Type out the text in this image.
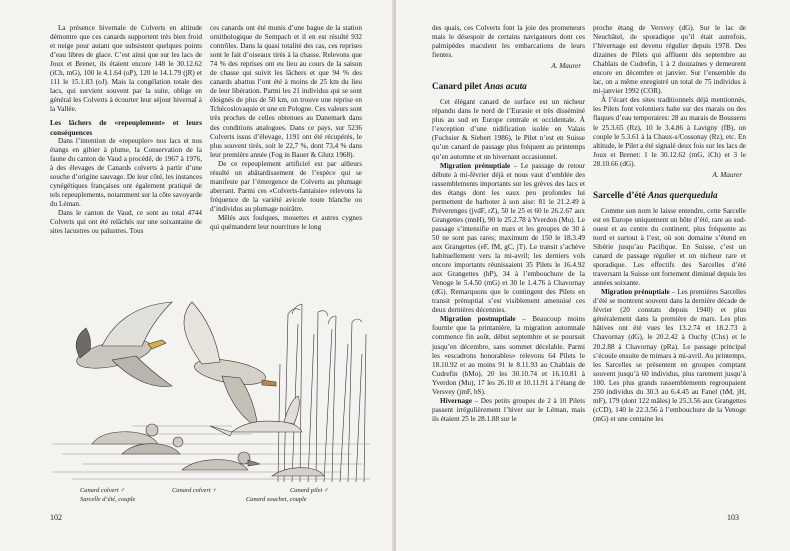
La présence hivernale de Colverts en altitude démontre que ces canards supportent très bien froid et neige pour autant que subsistent quelques points d’eau libres de glace. C’est ainsi que sur les lacs de Joux et Brenet, ils étaient encore 148 le 30.12.62 (iCh, mG), 100 le 4.1.64 (oP), 120 le 14.1.79 (jR) et 111 le 15.1.83 (oJ). Mais la congélation totale des lacs, qui survient souvent par la suite, oblige en général les Colverts à écourter leur séjour hivernal à la Vallée.

Les lâchers de «repeuplement» et leurs conséquences

Dans l’intention de «repeupler» nos lacs et nos étangs en gibier à plume, la Conservation de la faune du canton de Vaud a procédé, de 1967 à 1976, à des élevages de Canards colverts à partir d’une souche d’origine sauvage. De leur côté, les instances cynégétiques françaises ont également pratiqué de tels repeuplements, notamment sur la côte savoyarde du Léman.

Dans le canton de Vaud, ce sont au total 4744 Colverts qui ont été relâchés sur une soixantaine de sites lacustres ou palustres. Tous

ces canards ont été munis d’une bague de la station ornithologique de Sempach et il en est résulté 932 contrôles. Dans la quasi totalité des cas, ces reprises sont le fait d’oiseaux tirés à la chasse. Relevons que 74 % des reprises ont eu lieu au cours de la saison de chasse qui suivit les lâchers et que 94 % des canards abattus l’ont été à moins de 25 km du lieu de leur libération. Parmi les 21 individus qui se sont éloignés de plus de 50 km, on trouve une reprise en Tchécoslovaquie et une en Pologne. Ces valeurs sont très proches de celles obtenues au Danemark dans des conditions analogues. Dans ce pays, sur 5236 Colverts issus d’élevage, 1191 ont été récupérés, le plus souvent tirés, soit le 22,7 %, dont 73,4 % dans leur première année (Fog in Bauer & Glutz 1968).

De ce repeuplement artificiel est par ailleurs résulté un abâtardissement de l’espèce qui se manifeste par l’émergence de Colverts au plumage aberrant. Parmi ces «Colverts-fantaisie» relevons la fréquence de la variété avicole toute blanche ou d’individus au plumage noirâtre.

Mêlés aux foulques, mouettes et autres cygnes qui quémandent leur nourriture le long

Canard colvert ♂	Canard colvert ♀	Canard pilet ♂
Sarcelle d’été, couple	Canard souchet, couple
102

des quais, ces Colverts font la joie des promeneurs mais le désespoir de certains navigateurs dont ces palmipèdes maculent les embarcations de leurs fientes.

A. Maurer
Canard pilet Anas acuta

Cet élégant canard de surface est un nicheur répandu dans le nord de l’Eurasie et très disséminé plus au sud en Europe centrale et occidentale. À l’exception d’une nidification isolée en Valais (Fuchsier & Siebert 1986), le Pilet n’est en Suisse qu’un canard de passage plus fréquent au printemps qu’en automne et un hivernant occasionnel.

Migration prénuptiale – Le passage de retour débute à mi-février déjà et nous vaut d’emblée des rassemblements importants sur les grèves des lacs et des étangs dont les eaux peu profondes lui permettent de barboter à son aise: 81 le 21.2.49 à Préverenges (jvdF, rZ), 50 le 25 et 60 le 26.2.67 aux Grangettes (mnH), 90 le 25.2.78 à Yverdon (Mu). Le passage s’intensifie en mars et les groupes de 30 à 50 ne sont pas rares; maximum de 150 le 18.3.49 aux Grangettes (eF, fM, gC, jT). Le transit s’achève habituellement vers la mi-avril; les derniers vols encore importants réunissaient 35 Pilets le 16.4.92 aux Grangettes (bP), 34 à l’embouchure de la Venoge le 5.4.50 (mG) et 30 le 1.4.76 à Chavornay (dG). Remarquons que le contingent des Pilets en transit prénuptial s’est visiblement amenuisé ces deux dernières décennies.

Migration postnuptiale – Beaucoup moins fournie que la printanière, la migration automnale commence fin août, début septembre et se poursuit jusqu’en décembre, sans sommet décelable. Parmi les «escadrons honorables» relevons 64 Pilets le 18.10.92 et au moins 91 le 8.11.93 au Chablais de Cudrefin (bMo), 20 les 30.10.74 et 16.10.81 à Yverdon (Mu), 17 les 26.10 et 10.11.91 à l’étang de Versvey (jmF, bS).

Hivernage – Des petits groupes de 2 à 10 Pilets passent irrégulièrement l’hiver sur le Léman, mais ils étaient 25 le 28.1.88 sur le

proche étang de Versvey (dG). Sur le lac de Neuchâtel, de sporadique qu’il était autrefois, l’hivernage est devenu régulier depuis 1978. Des dizaines de Pilets qui affluent dès septembre au Chablais de Cudrefin, 1 à 2 douzaines y demeurent encore en décembre et janvier. Sur l’ensemble du lac, on a même enregistré un total de 75 individus à mi-janvier 1992 (COR).

À l’écart des sites traditionnels déjà mentionnés, les Pilets font volontiers halte sur des marais ou des flaques d’eau temporaires: 28 au marais de Boussens le 25.3.65 (Rz), 10 le 3.4.86 à Lavigny (fB), un couple le 5.3.61 à la Chaux-s/Cossonay (Rz), etc. En altitude, le Pilet a été signalé deux fois sur les lacs de Joux et Brenet: 1 le 30.12.62 (mG, iCh) et 3 le 28.10.66 (dG).

A. Maurer
Sarcelle d’été Anas querquedula

Comme son nom le laisse entendre, cette Sarcelle est en Europe uniquement un hôte d’été, rare au sud-ouest et au centre du continent, plus fréquente au nord et surtout à l’est, où son domaine s’étend en Sibérie jusqu’au Pacifique. En Suisse, c’est un canard de passage régulier et un nicheur rare et sporadique. Les effectifs des Sarcelles d’été traversant la Suisse ont fortement diminué depuis les années soixante.

Migration prénuptiale – Les premières Sarcelles d’été se montrent souvent dans la dernière décade de février (20 constats depuis 1940) et plus généralement dans la première de mars. Les plus hâtives ont été vues les 13.2.74 et 18.2.73 à Chavornay (dG), le 20.2.42 à Ouchy (Chx) et le 20.2.88 à Chavornay (pRa). Le passage principal s’écoule ensuite de mimars à mi-avril. Au printemps, les Sarcelles se présentent en groupes comptant souvent jusqu’à 60 individus, plus rarement jusqu’à 100. Les plus grands rassemblements regroupaient 250 individus du 30.3 au 6.4.45 au Fanel (hM, jH, mF), 179 (dont 122 mâles) le 25.3.56 aux Grangettes (cCD), 140 le 22.3.56 à l’embouchure de la Venoge (mG) et une centaine les

103
